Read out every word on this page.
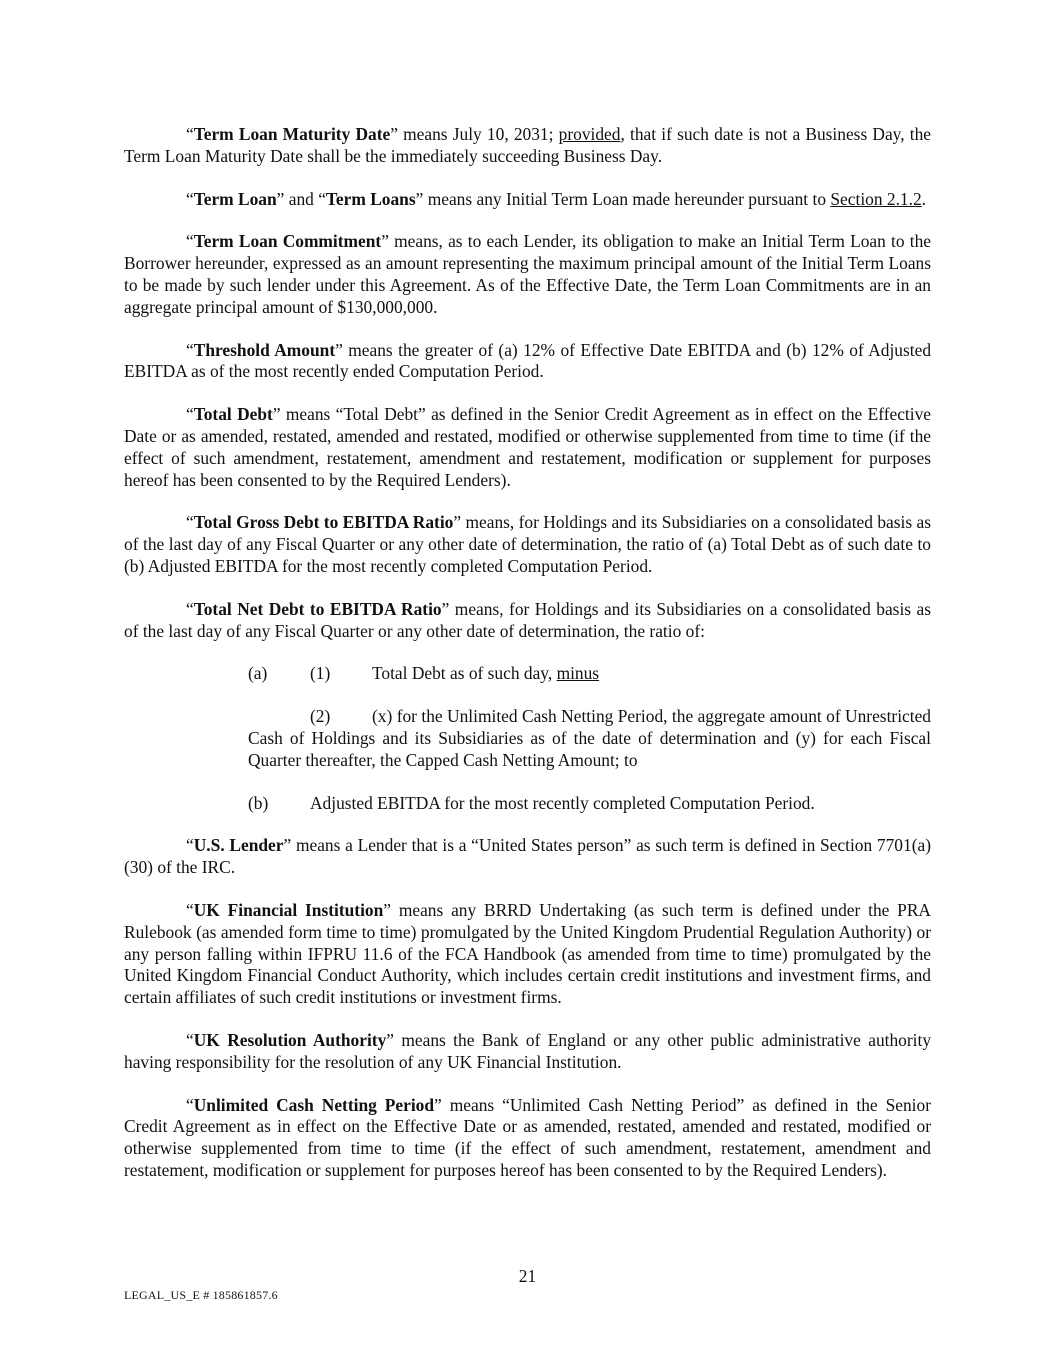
“Term Loan Maturity Date” means July 10, 2031; provided, that if such date is not a Business Day, the Term Loan Maturity Date shall be the immediately succeeding Business Day.

“Term Loan” and “Term Loans” means any Initial Term Loan made hereunder pursuant to Section 2.1.2.

“Term Loan Commitment” means, as to each Lender, its obligation to make an Initial Term Loan to the Borrower hereunder, expressed as an amount representing the maximum principal amount of the Initial Term Loans to be made by such lender under this Agreement. As of the Effective Date, the Term Loan Commitments are in an aggregate principal amount of $130,000,000.

“Threshold Amount” means the greater of (a) 12% of Effective Date EBITDA and (b) 12% of Adjusted EBITDA as of the most recently ended Computation Period.

“Total Debt” means “Total Debt” as defined in the Senior Credit Agreement as in effect on the Effective Date or as amended, restated, amended and restated, modified or otherwise supplemented from time to time (if the effect of such amendment, restatement, amendment and restatement, modification or supplement for purposes hereof has been consented to by the Required Lenders).

“Total Gross Debt to EBITDA Ratio” means, for Holdings and its Subsidiaries on a consolidated basis as of the last day of any Fiscal Quarter or any other date of determination, the ratio of (a) Total Debt as of such date to (b) Adjusted EBITDA for the most recently completed Computation Period.

“Total Net Debt to EBITDA Ratio” means, for Holdings and its Subsidiaries on a consolidated basis as of the last day of any Fiscal Quarter or any other date of determination, the ratio of:

(a) (1) Total Debt as of such day, minus

(2) (x) for the Unlimited Cash Netting Period, the aggregate amount of Unrestricted Cash of Holdings and its Subsidiaries as of the date of determination and (y) for each Fiscal Quarter thereafter, the Capped Cash Netting Amount; to

(b) Adjusted EBITDA for the most recently completed Computation Period.

“U.S. Lender” means a Lender that is a “United States person” as such term is defined in Section 7701(a)(30) of the IRC.

“UK Financial Institution” means any BRRD Undertaking (as such term is defined under the PRA Rulebook (as amended form time to time) promulgated by the United Kingdom Prudential Regulation Authority) or any person falling within IFPRU 11.6 of the FCA Handbook (as amended from time to time) promulgated by the United Kingdom Financial Conduct Authority, which includes certain credit institutions and investment firms, and certain affiliates of such credit institutions or investment firms.

“UK Resolution Authority” means the Bank of England or any other public administrative authority having responsibility for the resolution of any UK Financial Institution.

“Unlimited Cash Netting Period” means “Unlimited Cash Netting Period” as defined in the Senior Credit Agreement as in effect on the Effective Date or as amended, restated, amended and restated, modified or otherwise supplemented from time to time (if the effect of such amendment, restatement, amendment and restatement, modification or supplement for purposes hereof has been consented to by the Required Lenders).

21
LEGAL_US_E # 185861857.6
